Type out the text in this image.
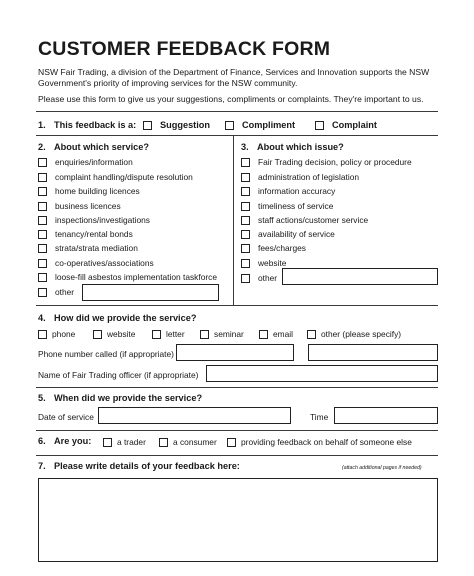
CUSTOMER FEEDBACK FORM
NSW Fair Trading, a division of the Department of Finance, Services and Innovation supports the NSW
Government's priority of improving services for the NSW community.
Please use this form to give us your suggestions, compliments or complaints. They're important to us.
1. This feedback is a:	Suggestion	Compliment	Complaint
2. About which service?
enquiries/information
complaint handling/dispute resolution
home building licences
business licences
inspections/investigations
tenancy/rental bonds
strata/strata mediation
co-operatives/associations
loose-fill asbestos implementation taskforce
other
3. About which issue?
Fair Trading decision, policy or procedure
administration of legislation
information accuracy
timeliness of service
staff actions/customer service
availability of service
fees/charges
website
other
4. How did we provide the service?
phone	website	letter	seminar	email	other (please specify)
Phone number called (if appropriate)
Name of Fair Trading officer (if appropriate)
5. When did we provide the service?
Date of service	Time
6. Are you:	a trader	a consumer	providing feedback on behalf of someone else
7. Please write details of your feedback here:	(attach additional pages if needed)
